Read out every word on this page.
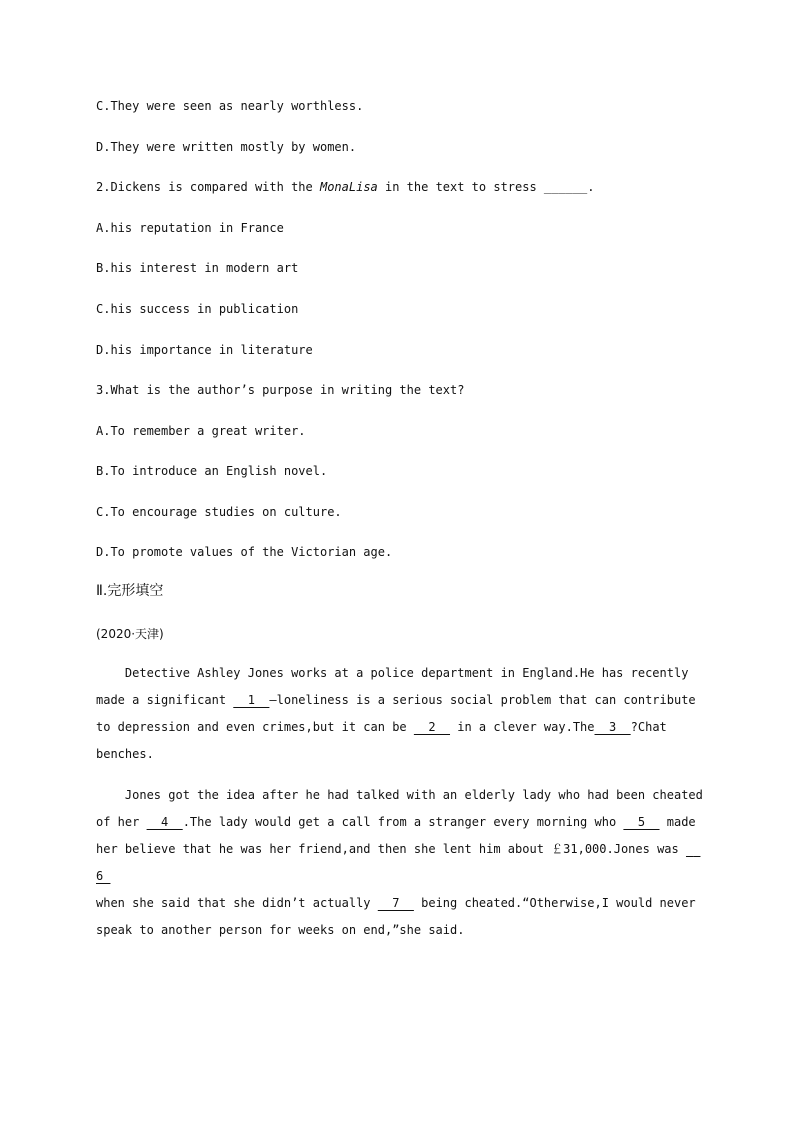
C.They were seen as nearly worthless.
D.They were written mostly by women.
2.Dickens is compared with the MonaLisa in the text to stress ______.
A.his reputation in France
B.his interest in modern art
C.his success in publication
D.his importance in literature
3.What is the author’s purpose in writing the text?
A.To remember a great writer.
B.To introduce an English novel.
C.To encourage studies on culture.
D.To promote values of the Victorian age.
Ⅱ.完形填空
(2020·天津)
Detective Ashley Jones works at a police department in England.He has recently
made a significant   1  —loneliness is a serious social problem that can contribute
to depression and even crimes,but it can be   2   in a clever way.The  3  ?Chat
benches.
Jones got the idea after he had talked with an elderly lady who had been cheated
of her   4  .The lady would get a call from a stranger every morning who   5   made
her believe that he was her friend,and then she lent him about ￡31,000.Jones was   6
when she said that she didn’t actually   7   being cheated.“Otherwise,I would never
speak to another person for weeks on end,”she said.
